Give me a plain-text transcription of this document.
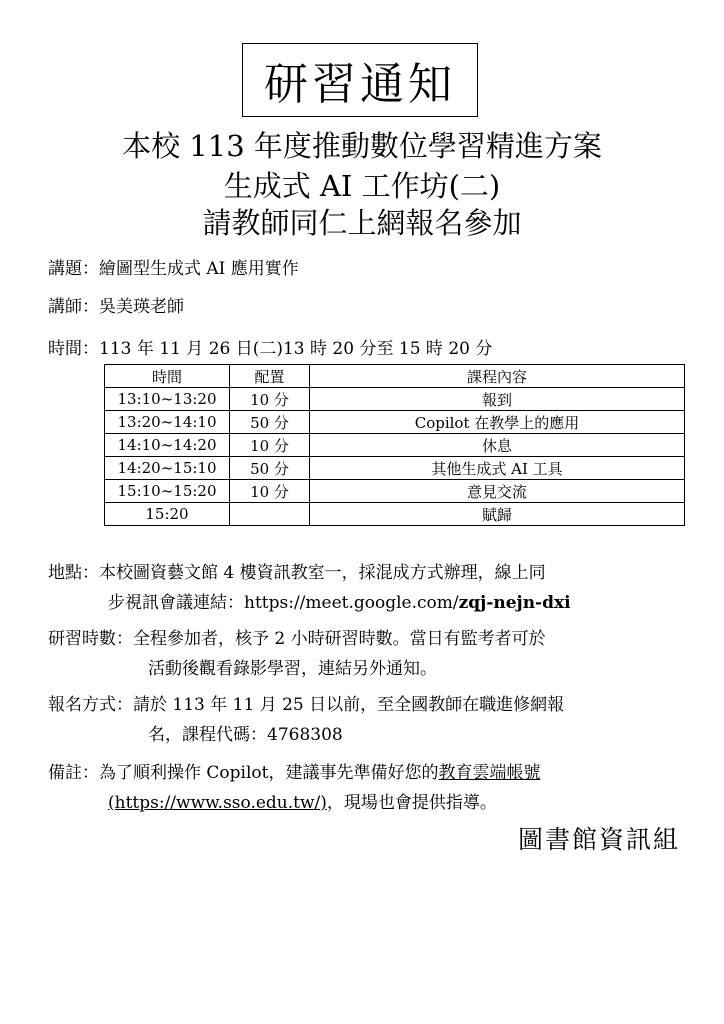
研習通知
本校 113 年度推動數位學習精進方案
生成式 AI 工作坊(二)
請教師同仁上網報名參加
講題：繪圖型生成式 AI 應用實作
講師：吳美瑛老師
時間：113 年 11 月 26 日(二)13 時 20 分至 15 時 20 分
時間	配置	課程內容
13:10~13:20	10 分	報到
13:20~14:10	50 分	Copilot 在教學上的應用
14:10~14:20	10 分	休息
14:20~15:10	50 分	其他生成式 AI 工具
15:10~15:20	10 分	意見交流
15:20		賦歸
地點：本校圖資藝文館 4 樓資訊教室一，採混成方式辦理，線上同
步視訊會議連結：https://meet.google.com/zqj-nejn-dxi
研習時數：全程參加者，核予 2 小時研習時數。當日有監考者可於
活動後觀看錄影學習，連結另外通知。
報名方式：請於 113 年 11 月 25 日以前，至全國教師在職進修網報
名，課程代碼：4768308
備註：為了順利操作 Copilot，建議事先準備好您的教育雲端帳號
(https://www.sso.edu.tw/)，現場也會提供指導。
圖書館資訊組
